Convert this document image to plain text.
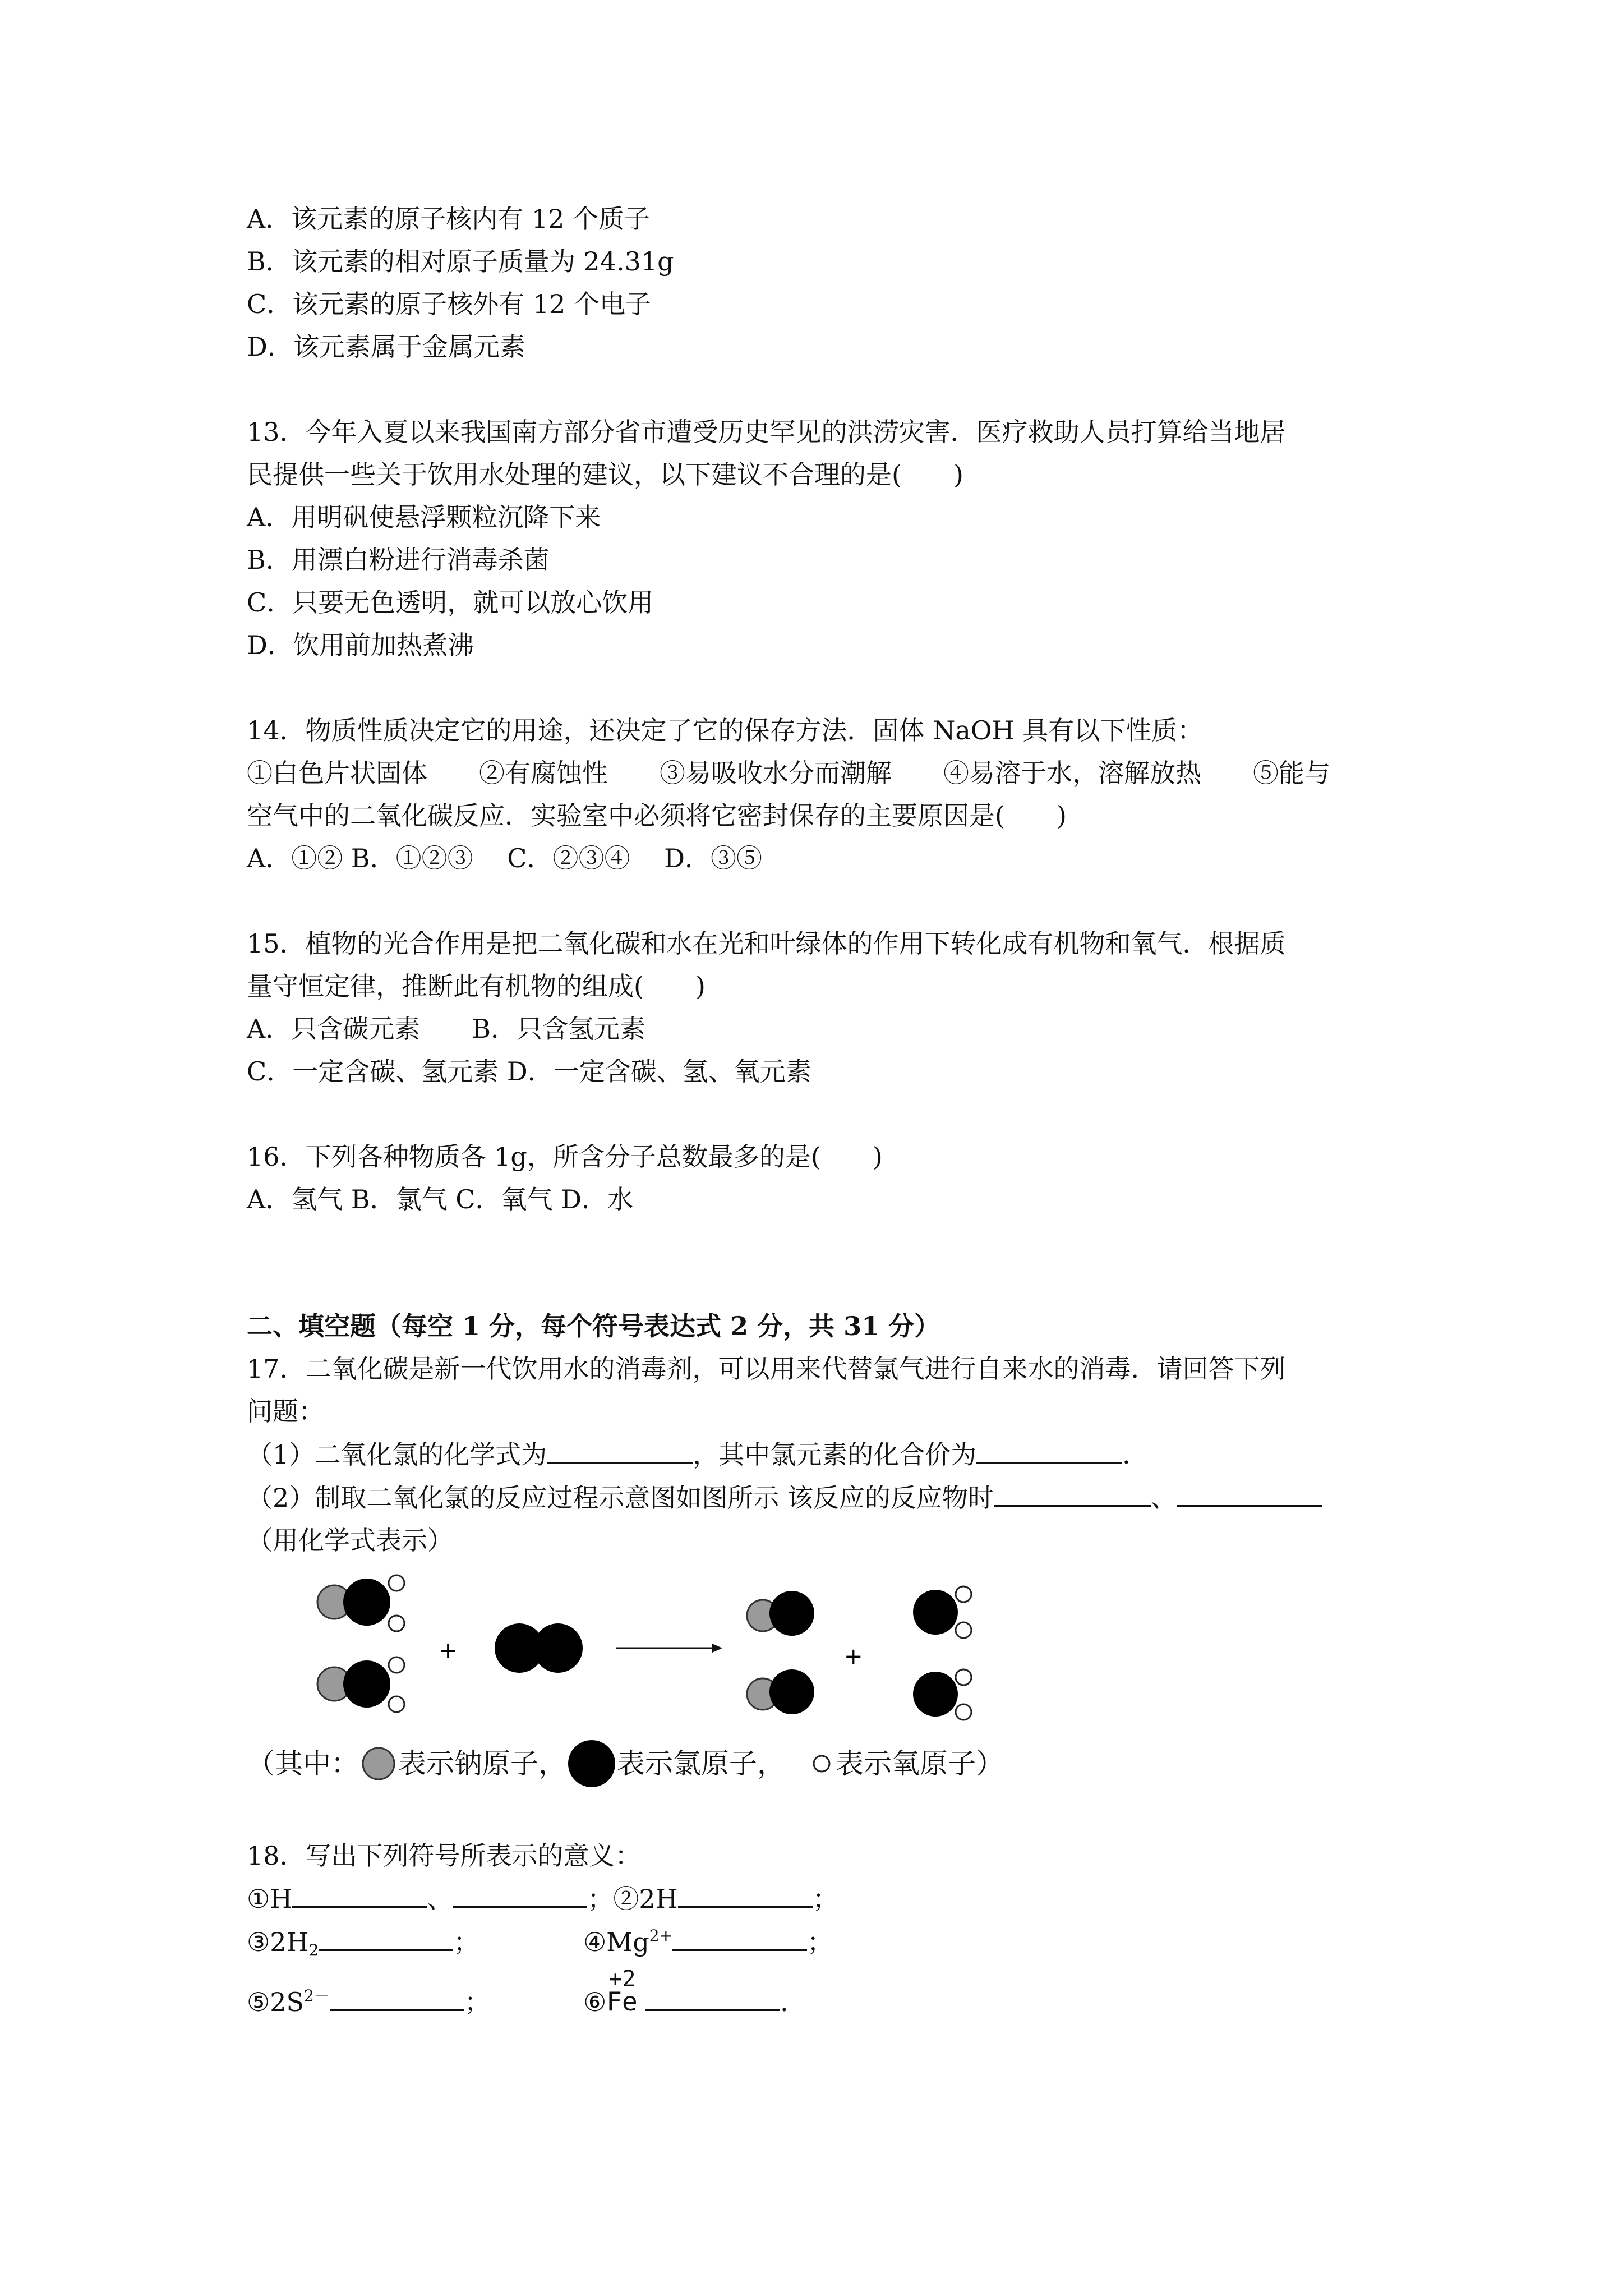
A．该元素的原子核内有 12 个质子
B．该元素的相对原子质量为 24.31g
C．该元素的原子核外有 12 个电子
D．该元素属于金属元素
13．今年入夏以来我国南方部分省市遭受历史罕见的洪涝灾害．医疗救助人员打算给当地居
民提供一些关于饮用水处理的建议，以下建议不合理的是(　　)
A．用明矾使悬浮颗粒沉降下来
B．用漂白粉进行消毒杀菌
C．只要无色透明，就可以放心饮用
D．饮用前加热煮沸
14．物质性质决定它的用途，还决定了它的保存方法．固体 NaOH 具有以下性质：
①白色片状固体　　②有腐蚀性　　③易吸收水分而潮解　　④易溶于水，溶解放热　　⑤能与
空气中的二氧化碳反应．实验室中必须将它密封保存的主要原因是(　　)
A．①② B．①②③　 C．②③④　 D．③⑤
15．植物的光合作用是把二氧化碳和水在光和叶绿体的作用下转化成有机物和氧气．根据质
量守恒定律，推断此有机物的组成(　　)
A．只含碳元素　　B．只含氢元素
C．一定含碳、氢元素 D．一定含碳、氢、氧元素
16．下列各种物质各 1g，所含分子总数最多的是(　　)
A．氢气 B．氯气 C．氧气 D．水
二、填空题（每空 1 分，每个符号表达式 2 分，共 31 分）
17．二氧化碳是新一代饮用水的消毒剂，可以用来代替氯气进行自来水的消毒．请回答下列
问题：
（1）二氧化氯的化学式为	，其中氯元素的化合价为	．
（2）制取二氧化氯的反应过程示意图如图所示 该反应的反应物时	、
（用化学式表示）
+	+
（其中： 表示钠原子， 表示氯原子， 表示氧原子）
18．写出下列符号所表示的意义：
①H	、	；②2H	；
$③2H_2$	；	$④Mg^{2+}$	；
$⑤2S^{2-}$	；	⑥
+2
Fe	．
